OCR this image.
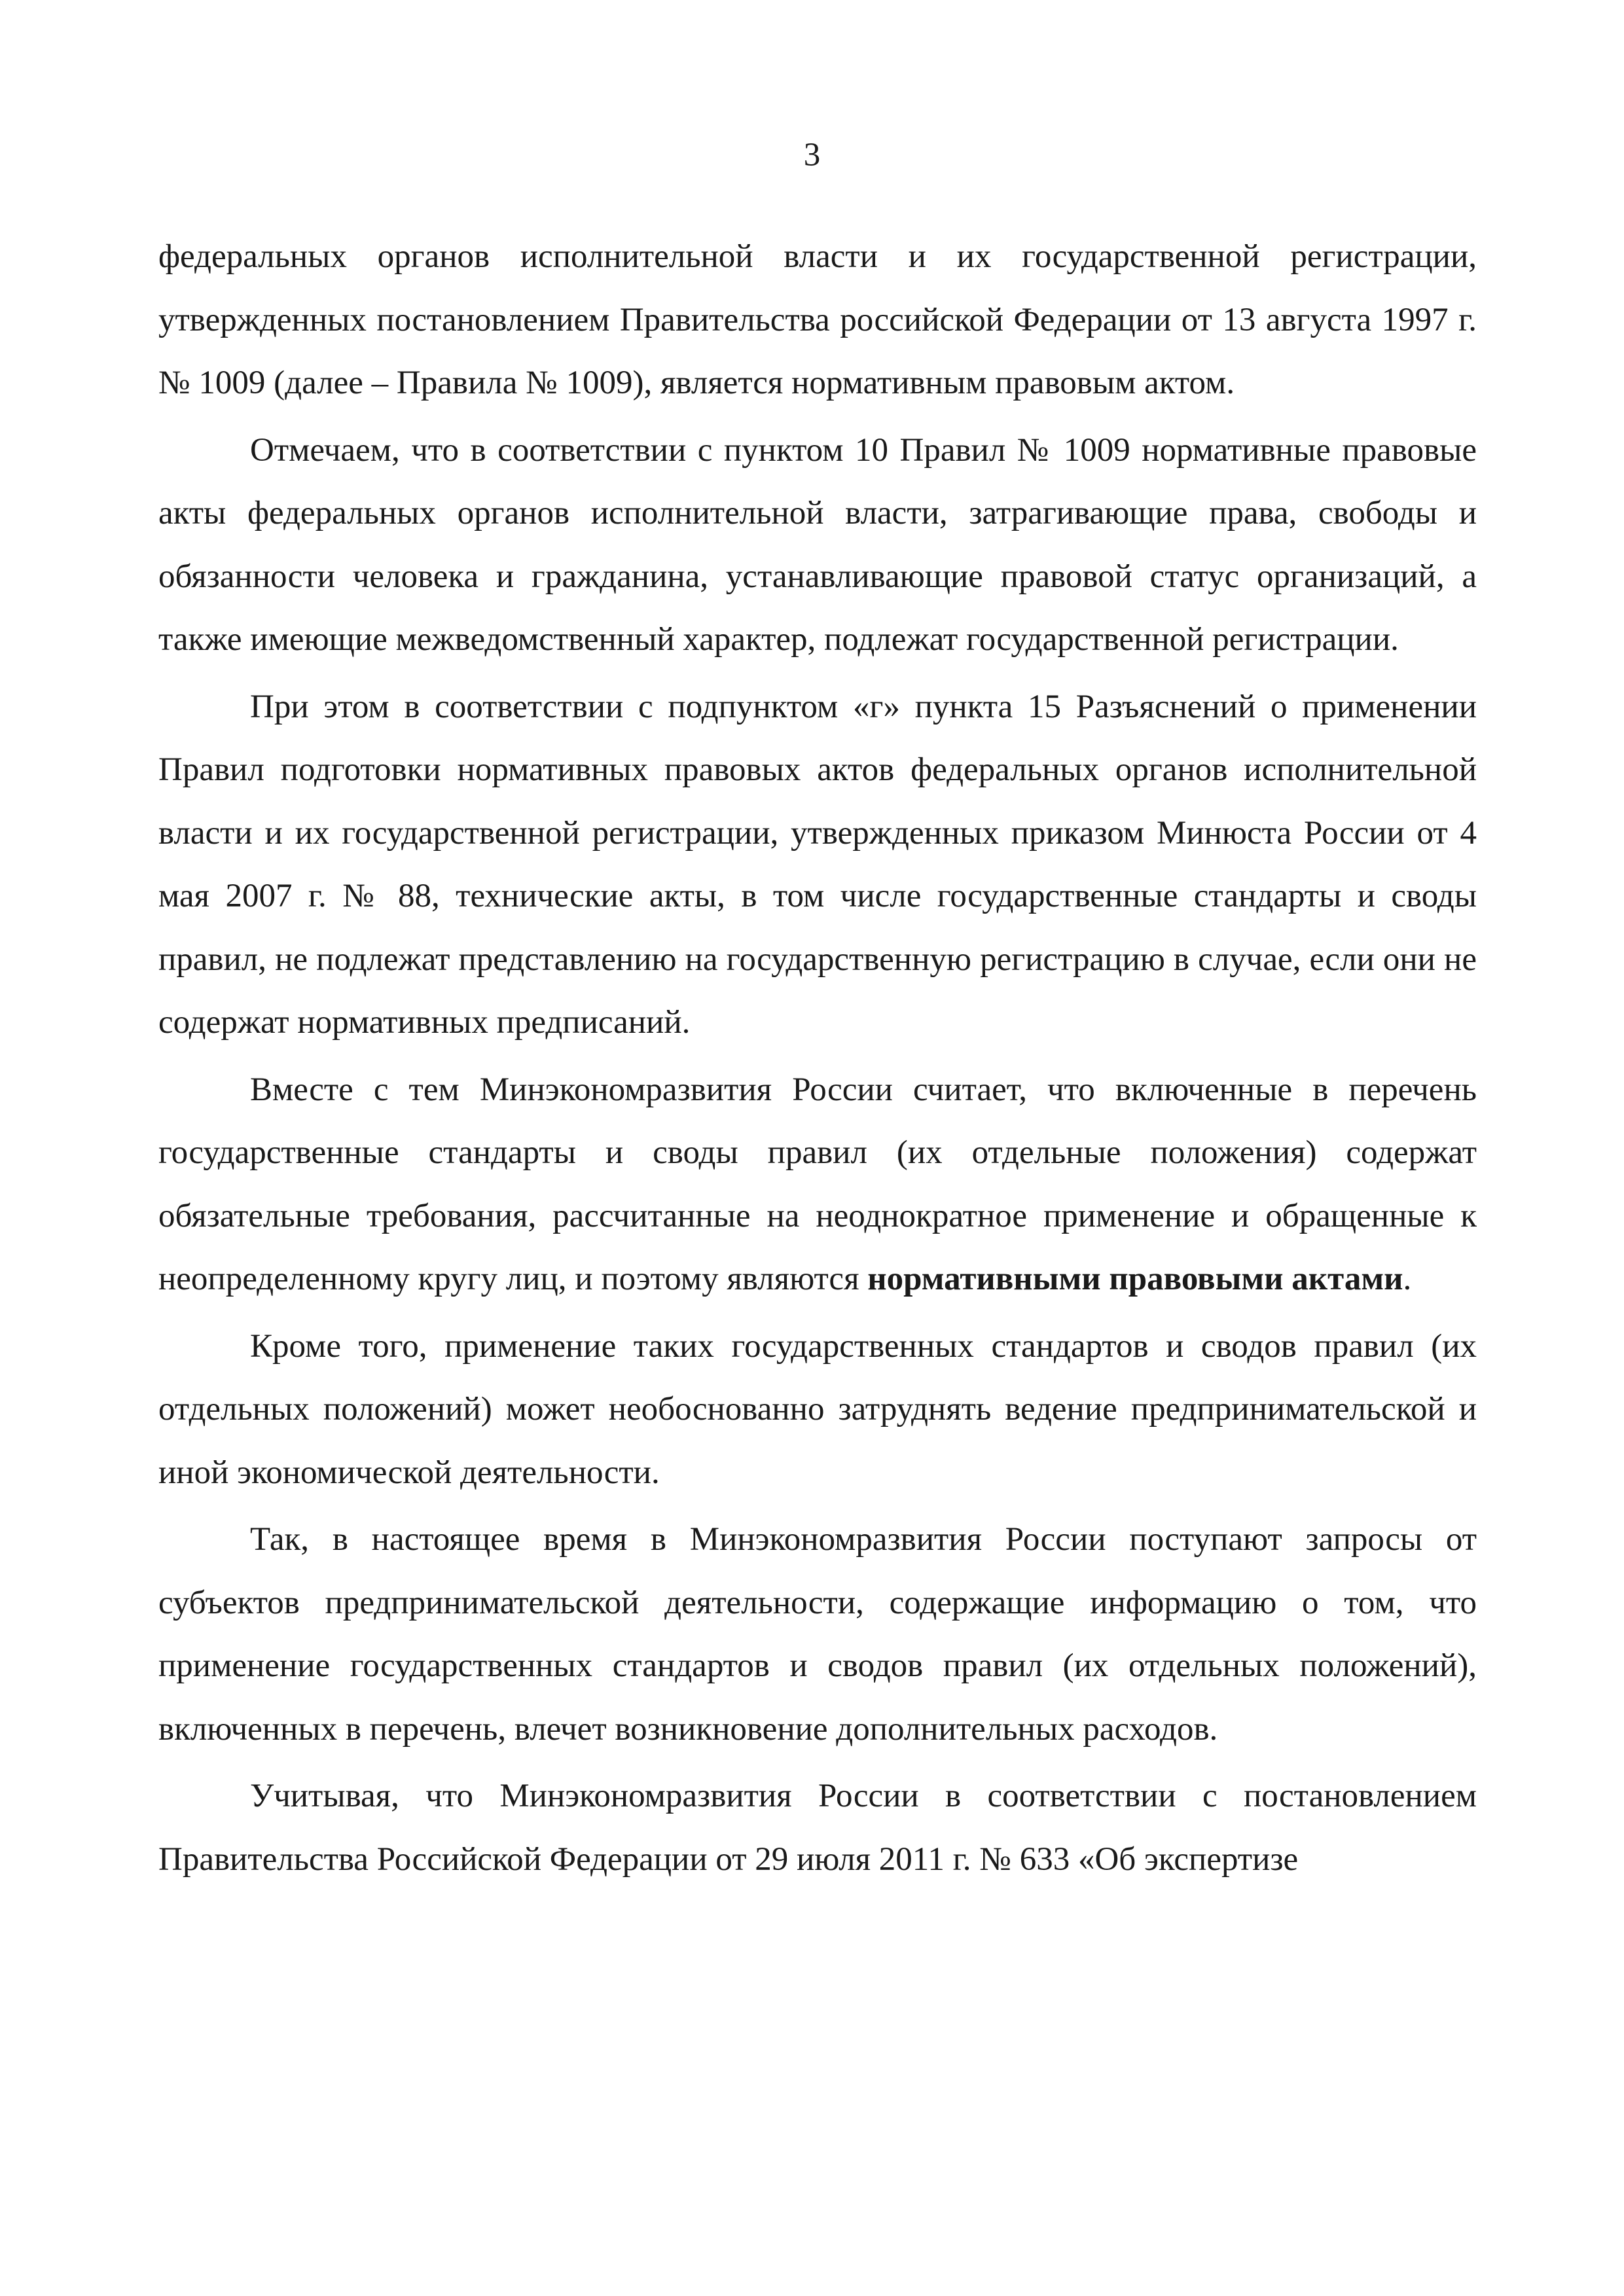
3

федеральных органов исполнительной власти и их государственной регистрации, утвержденных постановлением Правительства российской Федерации от 13 августа 1997 г. № 1009 (далее – Правила № 1009), является нормативным правовым актом.

Отмечаем, что в соответствии с пунктом 10 Правил № 1009 нормативные правовые акты федеральных органов исполнительной власти, затрагивающие права, свободы и обязанности человека и гражданина, устанавливающие правовой статус организаций, а также имеющие межведомственный характер, подлежат государственной регистрации.

При этом в соответствии с подпунктом «г» пункта 15 Разъяснений о применении Правил подготовки нормативных правовых актов федеральных органов исполнительной власти и их государственной регистрации, утвержденных приказом Минюста России от 4 мая 2007 г. № 88, технические акты, в том числе государственные стандарты и своды правил, не подлежат представлению на государственную регистрацию в случае, если они не содержат нормативных предписаний.

Вместе с тем Минэкономразвития России считает, что включенные в перечень государственные стандарты и своды правил (их отдельные положения) содержат обязательные требования, рассчитанные на неоднократное применение и обращенные к неопределенному кругу лиц, и поэтому являются нормативными правовыми актами.

Кроме того, применение таких государственных стандартов и сводов правил (их отдельных положений) может необоснованно затруднять ведение предпринимательской и иной экономической деятельности.

Так, в настоящее время в Минэкономразвития России поступают запросы от субъектов предпринимательской деятельности, содержащие информацию о том, что применение государственных стандартов и сводов правил (их отдельных положений), включенных в перечень, влечет возникновение дополнительных расходов.

Учитывая, что Минэкономразвития России в соответствии с постановлением Правительства Российской Федерации от 29 июля 2011 г. № 633 «Об экспертизе
